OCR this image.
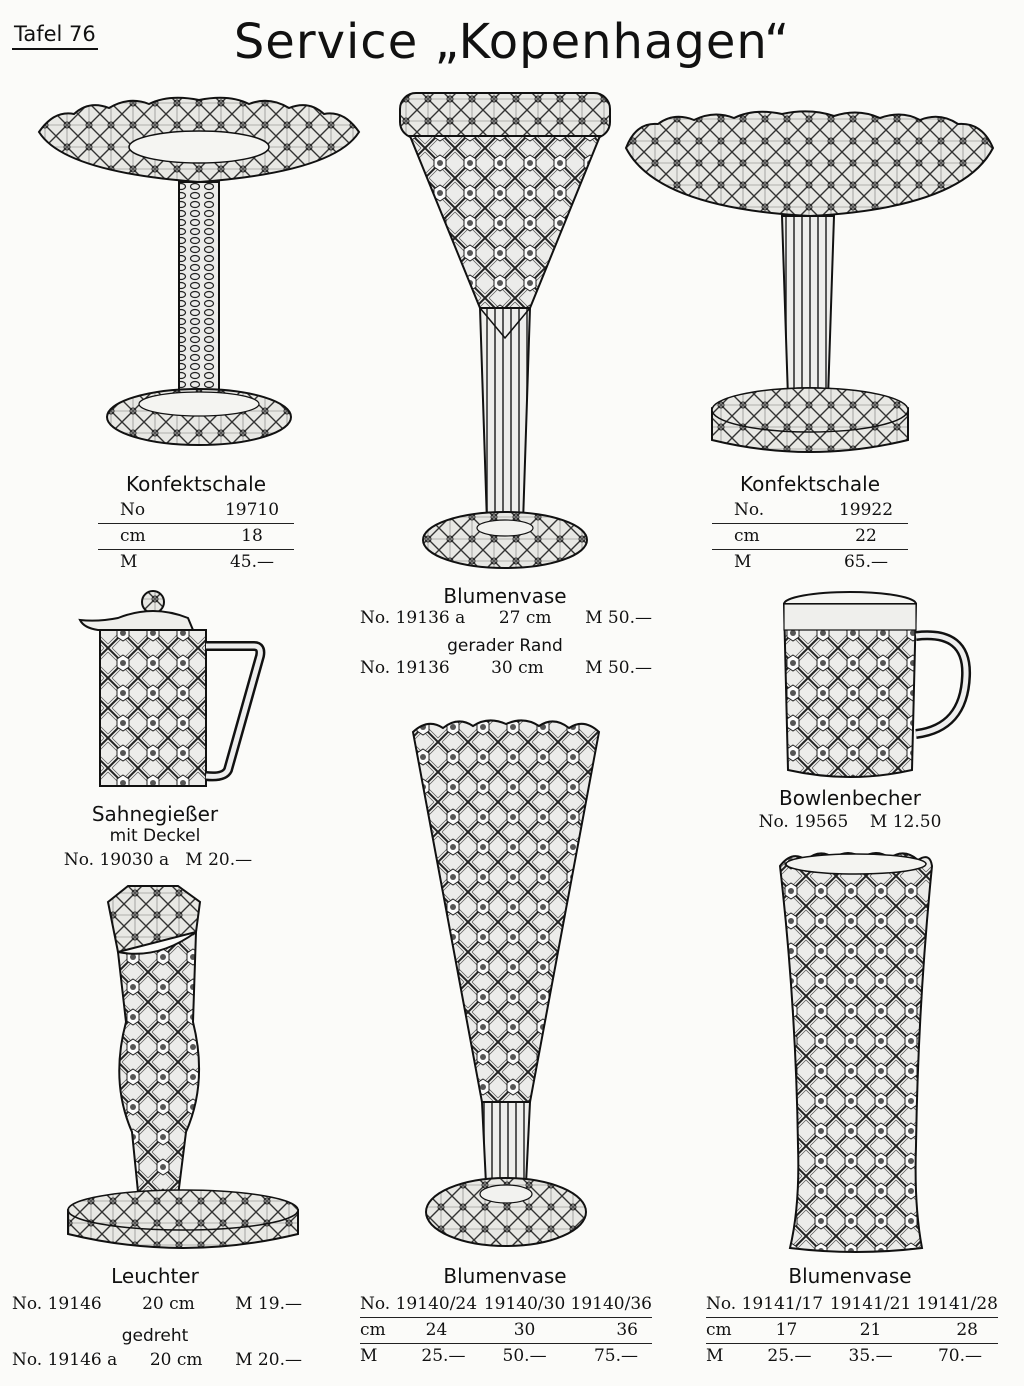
Tafel 76	Service „Kopenhagen“
Konfektschale
No	19710
cm	18
M	45.—
Blumenvase
No. 19136 a 27 cm M 50.—
gerader Rand
No. 19136 30 cm M 50.—
Konfektschale
No.	19922
cm	22
M	65.—
Sahnegießer
mit Deckel
No. 19030 a   M 20.—
Bowlenbecher
No. 19565    M 12.50
Leuchter
No. 19146 20 cm M 19.—
gedreht
No. 19146 a 20 cm M 20.—
Blumenvase
No. 19140/24	19140/30	19140/36
cm 24	30	36
M 25.—	50.—	75.—
Blumenvase
No. 19141/17	19141/21	19141/28
cm 17	21	28
M 25.—	35.—	70.—
